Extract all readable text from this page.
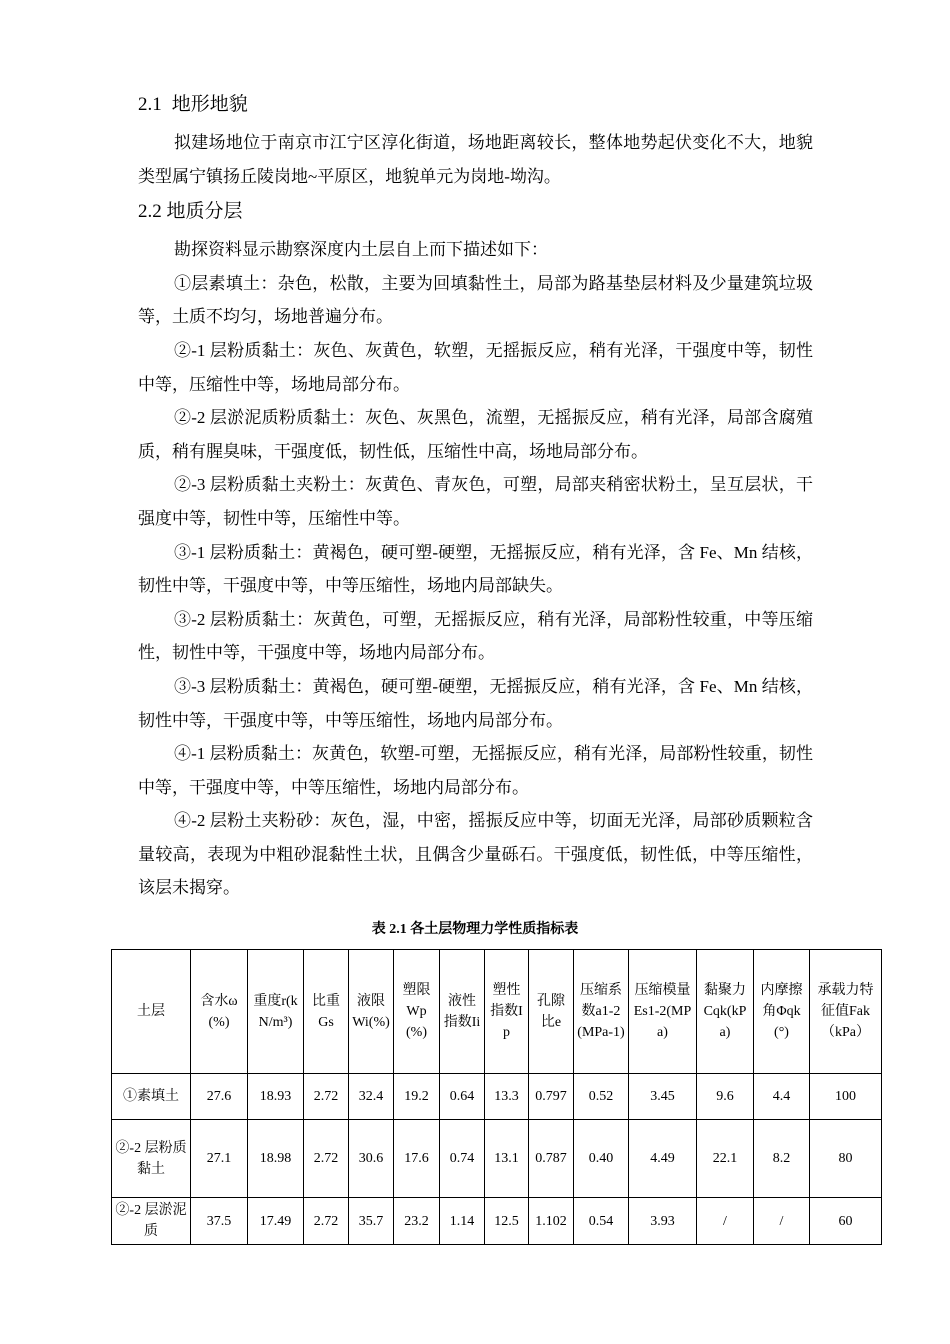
2.1 地形地貌
2.2 地质分层

拟建场地位于南京市江宁区淳化街道，场地距离较长，整体地势起伏变化不大，地貌类型属宁镇扬丘陵岗地~平原区，地貌单元为岗地-坳沟。

勘探资料显示勘察深度内土层自上而下描述如下：

①层素填土：杂色，松散，主要为回填黏性土，局部为路基垫层材料及少量建筑垃圾等，土质不均匀，场地普遍分布。

②-1 层粉质黏土：灰色、灰黄色，软塑，无摇振反应，稍有光泽，干强度中等，韧性中等，压缩性中等，场地局部分布。

②-2 层淤泥质粉质黏土：灰色、灰黑色，流塑，无摇振反应，稍有光泽，局部含腐殖质，稍有腥臭味，干强度低，韧性低，压缩性中高，场地局部分布。

②-3 层粉质黏土夹粉土：灰黄色、青灰色，可塑，局部夹稍密状粉土，呈互层状，干强度中等，韧性中等，压缩性中等。

③-1 层粉质黏土：黄褐色，硬可塑-硬塑，无摇振反应，稍有光泽，含 Fe、Mn 结核，韧性中等，干强度中等，中等压缩性，场地内局部缺失。

③-2 层粉质黏土：灰黄色，可塑，无摇振反应，稍有光泽，局部粉性较重，中等压缩性，韧性中等，干强度中等，场地内局部分布。

③-3 层粉质黏土：黄褐色，硬可塑-硬塑，无摇振反应，稍有光泽，含 Fe、Mn 结核，韧性中等，干强度中等，中等压缩性，场地内局部分布。

④-1 层粉质黏土：灰黄色，软塑-可塑，无摇振反应，稍有光泽，局部粉性较重，韧性中等，干强度中等，中等压缩性，场地内局部分布。

④-2 层粉土夹粉砂：灰色，湿，中密，摇振反应中等，切面无光泽，局部砂质颗粒含量较高，表现为中粗砂混黏性土状，且偶含少量砾石。干强度低，韧性低，中等压缩性，该层未揭穿。

表 2.1 各土层物理力学性质指标表
土层	含水ω(%)	重度r(kN/m³)	比重Gs	液限Wi(%)	塑限Wp(%)	液性指数Ii	塑性指数Ip	孔隙比e	压缩系数a1-2(MPa-1)	压缩模量Es1-2(MPa)	黏聚力Cqk(kPa)	内摩擦角Φqk(°)	承载力特征值Fak（kPa）
①素填土	27.6	18.93	2.72	32.4	19.2	0.64	13.3	0.797	0.52	3.45	9.6	4.4	100
②-2 层粉质黏土	27.1	18.98	2.72	30.6	17.6	0.74	13.1	0.787	0.40	4.49	22.1	8.2	80
②-2 层淤泥质	37.5	17.49	2.72	35.7	23.2	1.14	12.5	1.102	0.54	3.93	/	/	60
